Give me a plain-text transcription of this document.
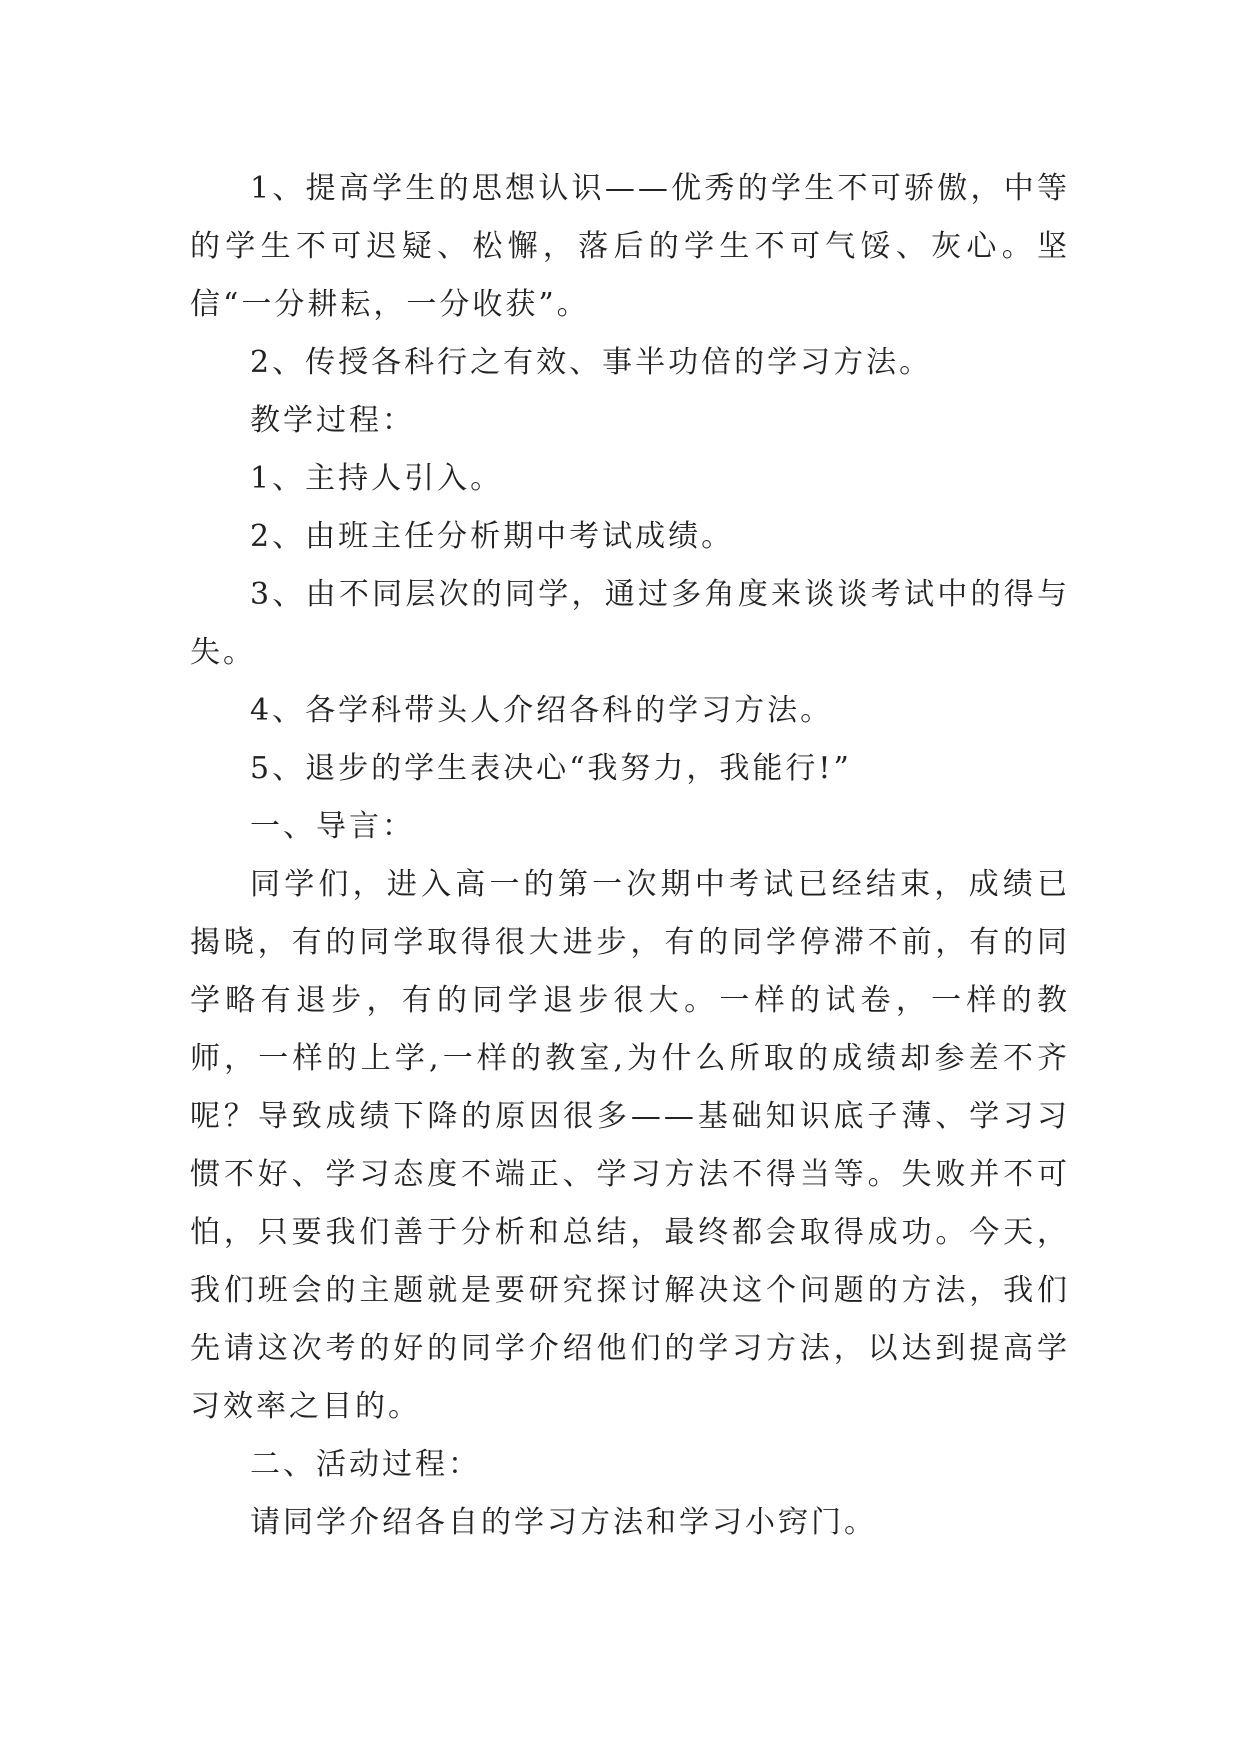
1、提高学生的思想认识——优秀的学生不可骄傲，中等的学生不可迟疑、松懈，落后的学生不可气馁、灰心。坚信“一分耕耘，一分收获”。

2、传授各科行之有效、事半功倍的学习方法。

教学过程：

1、主持人引入。

2、由班主任分析期中考试成绩。

3、由不同层次的同学，通过多角度来谈谈考试中的得与失。

4、各学科带头人介绍各科的学习方法。

5、退步的学生表决心“我努力，我能行!”

一、导言：

同学们，进入高一的第一次期中考试已经结束，成绩已揭晓，有的同学取得很大进步，有的同学停滞不前，有的同学略有退步，有的同学退步很大。一样的试卷，一样的教师，一样的上学,一样的教室,为什么所取的成绩却参差不齐呢？导致成绩下降的原因很多——基础知识底子薄、学习习惯不好、学习态度不端正、学习方法不得当等。失败并不可怕，只要我们善于分析和总结，最终都会取得成功。今天，我们班会的主题就是要研究探讨解决这个问题的方法，我们先请这次考的好的同学介绍他们的学习方法，以达到提高学习效率之目的。

二、活动过程：

请同学介绍各自的学习方法和学习小窍门。
